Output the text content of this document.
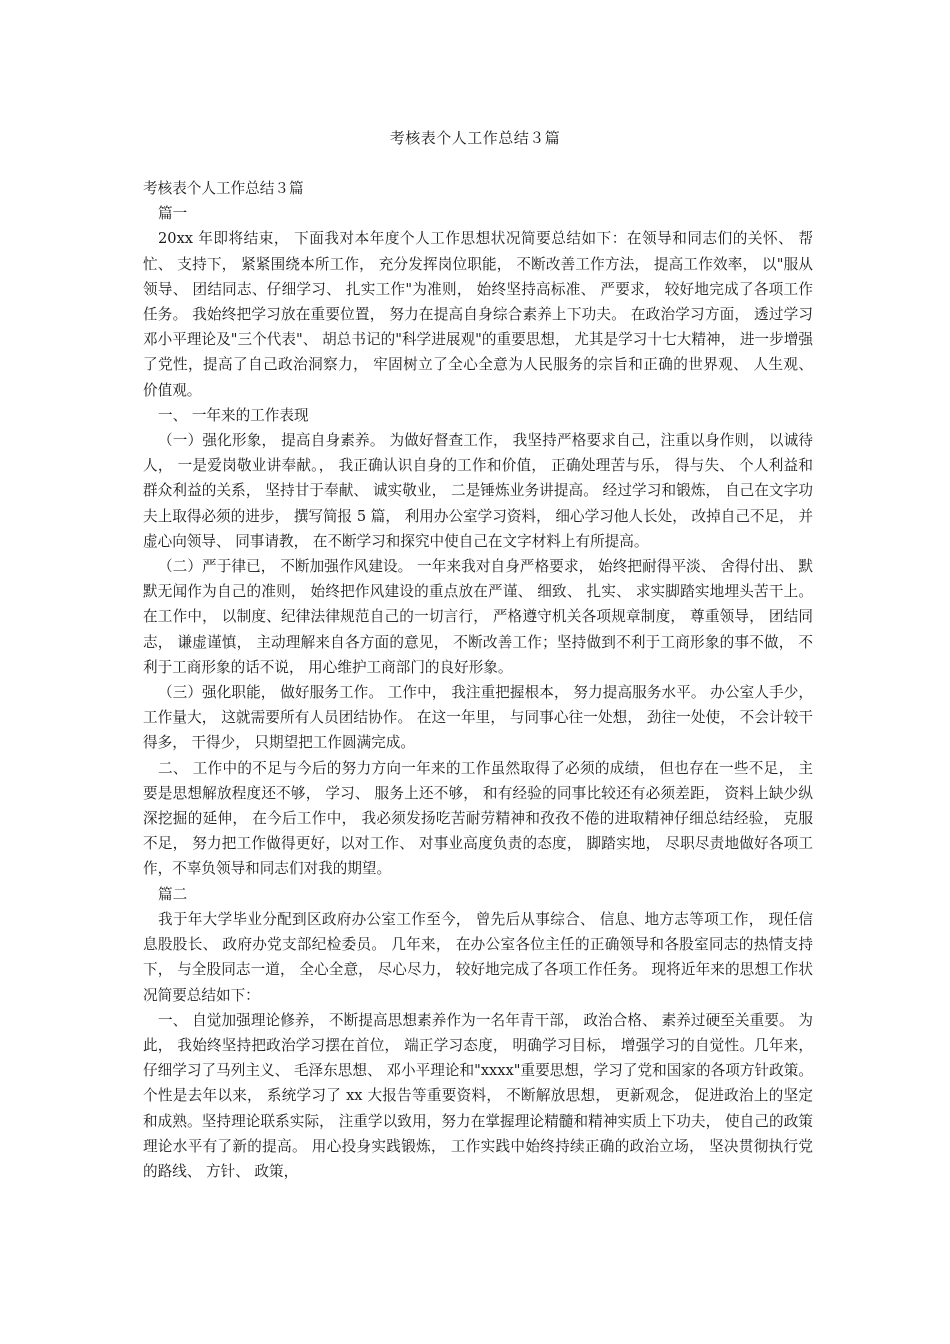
考核表个人工作总结３篇

考核表个人工作总结３篇

篇一

20xx 年即将结束， 下面我对本年度个人工作思想状况简要总结如下：在领导和同志们的关怀、 帮忙、 支持下， 紧紧围绕本所工作， 充分发挥岗位职能， 不断改善工作方法， 提高工作效率， 以"服从领导、 团结同志、仔细学习、 扎实工作"为准则， 始终坚持高标准、 严要求， 较好地完成了各项工作任务。 我始终把学习放在重要位置， 努力在提高自身综合素养上下功夫。 在政治学习方面， 透过学习邓小平理论及"三个代表"、 胡总书记的"科学进展观"的重要思想， 尤其是学习十七大精神， 进一步增强了党性，提高了自己政治洞察力， 牢固树立了全心全意为人民服务的宗旨和正确的世界观、 人生观、 价值观。

一、 一年来的工作表现

（一）强化形象， 提高自身素养。 为做好督查工作， 我坚持严格要求自己，注重以身作则， 以诚待人， 一是爱岗敬业讲奉献。， 我正确认识自身的工作和价值， 正确处理苦与乐， 得与失、 个人利益和群众利益的关系， 坚持甘于奉献、 诚实敬业， 二是锤炼业务讲提高。 经过学习和锻炼， 自己在文字功夫上取得必须的进步， 撰写简报 5 篇， 利用办公室学习资料， 细心学习他人长处， 改掉自己不足， 并虚心向领导、 同事请教， 在不断学习和探究中使自己在文字材料上有所提高。

（二）严于律已， 不断加强作风建设。 一年来我对自身严格要求， 始终把耐得平淡、 舍得付出、 默默无闻作为自己的准则， 始终把作风建设的重点放在严谨、 细致、 扎实、 求实脚踏实地埋头苦干上。 在工作中， 以制度、纪律法律规范自己的一切言行， 严格遵守机关各项规章制度， 尊重领导， 团结同志， 谦虚谨慎， 主动理解来自各方面的意见， 不断改善工作；坚持做到不利于工商形象的事不做， 不利于工商形象的话不说， 用心维护工商部门的良好形象。

（三）强化职能， 做好服务工作。 工作中， 我注重把握根本， 努力提高服务水平。 办公室人手少， 工作量大， 这就需要所有人员团结协作。 在这一年里， 与同事心往一处想， 劲往一处使， 不会计较干得多， 干得少， 只期望把工作圆满完成。

二、 工作中的不足与今后的努力方向一年来的工作虽然取得了必须的成绩， 但也存在一些不足， 主要是思想解放程度还不够， 学习、 服务上还不够， 和有经验的同事比较还有必须差距， 资料上缺少纵深挖掘的延伸， 在今后工作中， 我必须发扬吃苦耐劳精神和孜孜不倦的进取精神仔细总结经验， 克服不足， 努力把工作做得更好，以对工作、 对事业高度负责的态度， 脚踏实地， 尽职尽责地做好各项工作，不辜负领导和同志们对我的期望。

篇二

我于年大学毕业分配到区政府办公室工作至今， 曾先后从事综合、 信息、地方志等项工作， 现任信息股股长、 政府办党支部纪检委员。 几年来， 在办公室各位主任的正确领导和各股室同志的热情支持下， 与全股同志一道， 全心全意， 尽心尽力， 较好地完成了各项工作任务。 现将近年来的思想工作状况简要总结如下：

一、 自觉加强理论修养， 不断提高思想素养作为一名年青干部， 政治合格、 素养过硬至关重要。 为此， 我始终坚持把政治学习摆在首位， 端正学习态度， 明确学习目标， 增强学习的自觉性。几年来， 仔细学习了马列主义、 毛泽东思想、 邓小平理论和"xxxx"重要思想，学习了党和国家的各项方针政策。 个性是去年以来， 系统学习了 xx 大报告等重要资料， 不断解放思想， 更新观念， 促进政治上的坚定和成熟。坚持理论联系实际， 注重学以致用，努力在掌握理论精髓和精神实质上下功夫， 使自己的政策理论水平有了新的提高。 用心投身实践锻炼， 工作实践中始终持续正确的政治立场， 坚决贯彻执行党的路线、 方针、 政策，
